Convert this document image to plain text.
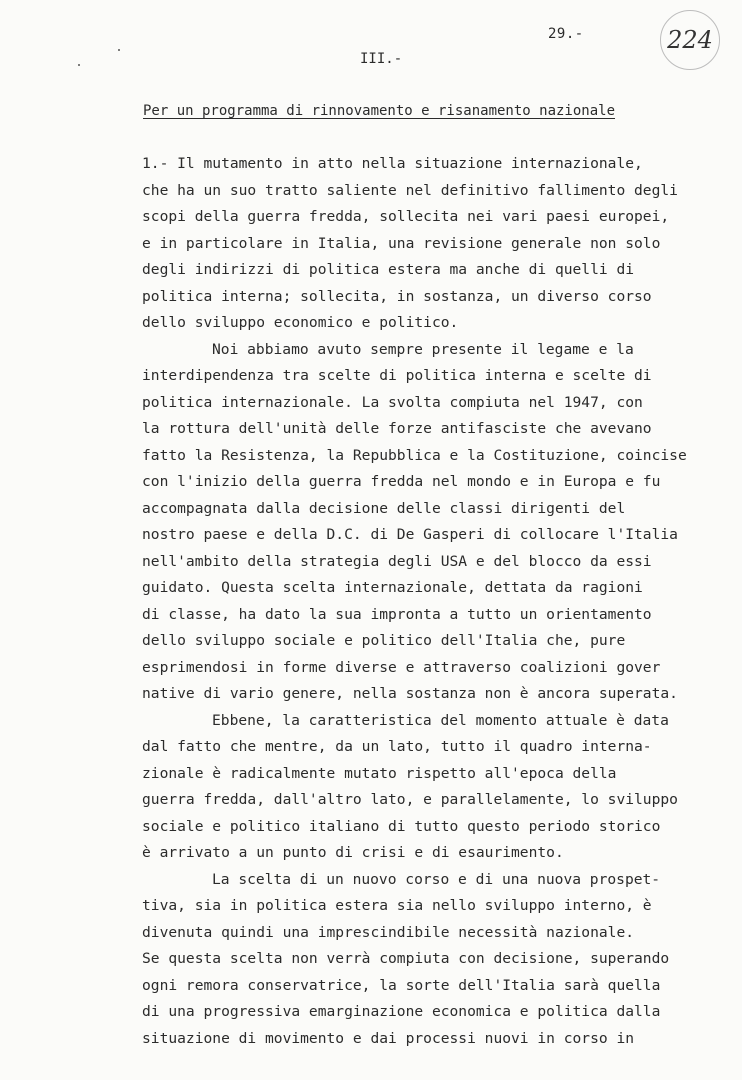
29.-	224
III.-
Per un programma di rinnovamento e risanamento nazionale
1.- Il mutamento in atto nella situazione internazionale,
che ha un suo tratto saliente nel definitivo fallimento degli
scopi della guerra fredda, sollecita nei vari paesi europei,
e in particolare in Italia, una revisione generale non solo
degli indirizzi di politica estera ma anche di quelli di
politica interna; sollecita, in sostanza, un diverso corso
dello sviluppo economico e politico.
Noi abbiamo avuto sempre presente il legame e la
interdipendenza tra scelte di politica interna e scelte di
politica internazionale. La svolta compiuta nel 1947, con
la rottura dell'unità delle forze antifasciste che avevano
fatto la Resistenza, la Repubblica e la Costituzione, coincise
con l'inizio della guerra fredda nel mondo e in Europa e fu
accompagnata dalla decisione delle classi dirigenti del
nostro paese e della D.C. di De Gasperi di collocare l'Italia
nell'ambito della strategia degli USA e del blocco da essi
guidato. Questa scelta internazionale, dettata da ragioni
di classe, ha dato la sua impronta a tutto un orientamento
dello sviluppo sociale e politico dell'Italia che, pure
esprimendosi in forme diverse e attraverso coalizioni gover
native di vario genere, nella sostanza non è ancora superata.
Ebbene, la caratteristica del momento attuale è data
dal fatto che mentre, da un lato, tutto il quadro interna-
zionale è radicalmente mutato rispetto all'epoca della
guerra fredda, dall'altro lato, e parallelamente, lo sviluppo
sociale e politico italiano di tutto questo periodo storico
è arrivato a un punto di crisi e di esaurimento.
La scelta di un nuovo corso e di una nuova prospet-
tiva, sia in politica estera sia nello sviluppo interno, è
divenuta quindi una imprescindibile necessità nazionale.
Se questa scelta non verrà compiuta con decisione, superando
ogni remora conservatrice, la sorte dell'Italia sarà quella
di una progressiva emarginazione economica e politica dalla
situazione di movimento e dai processi nuovi in corso in
